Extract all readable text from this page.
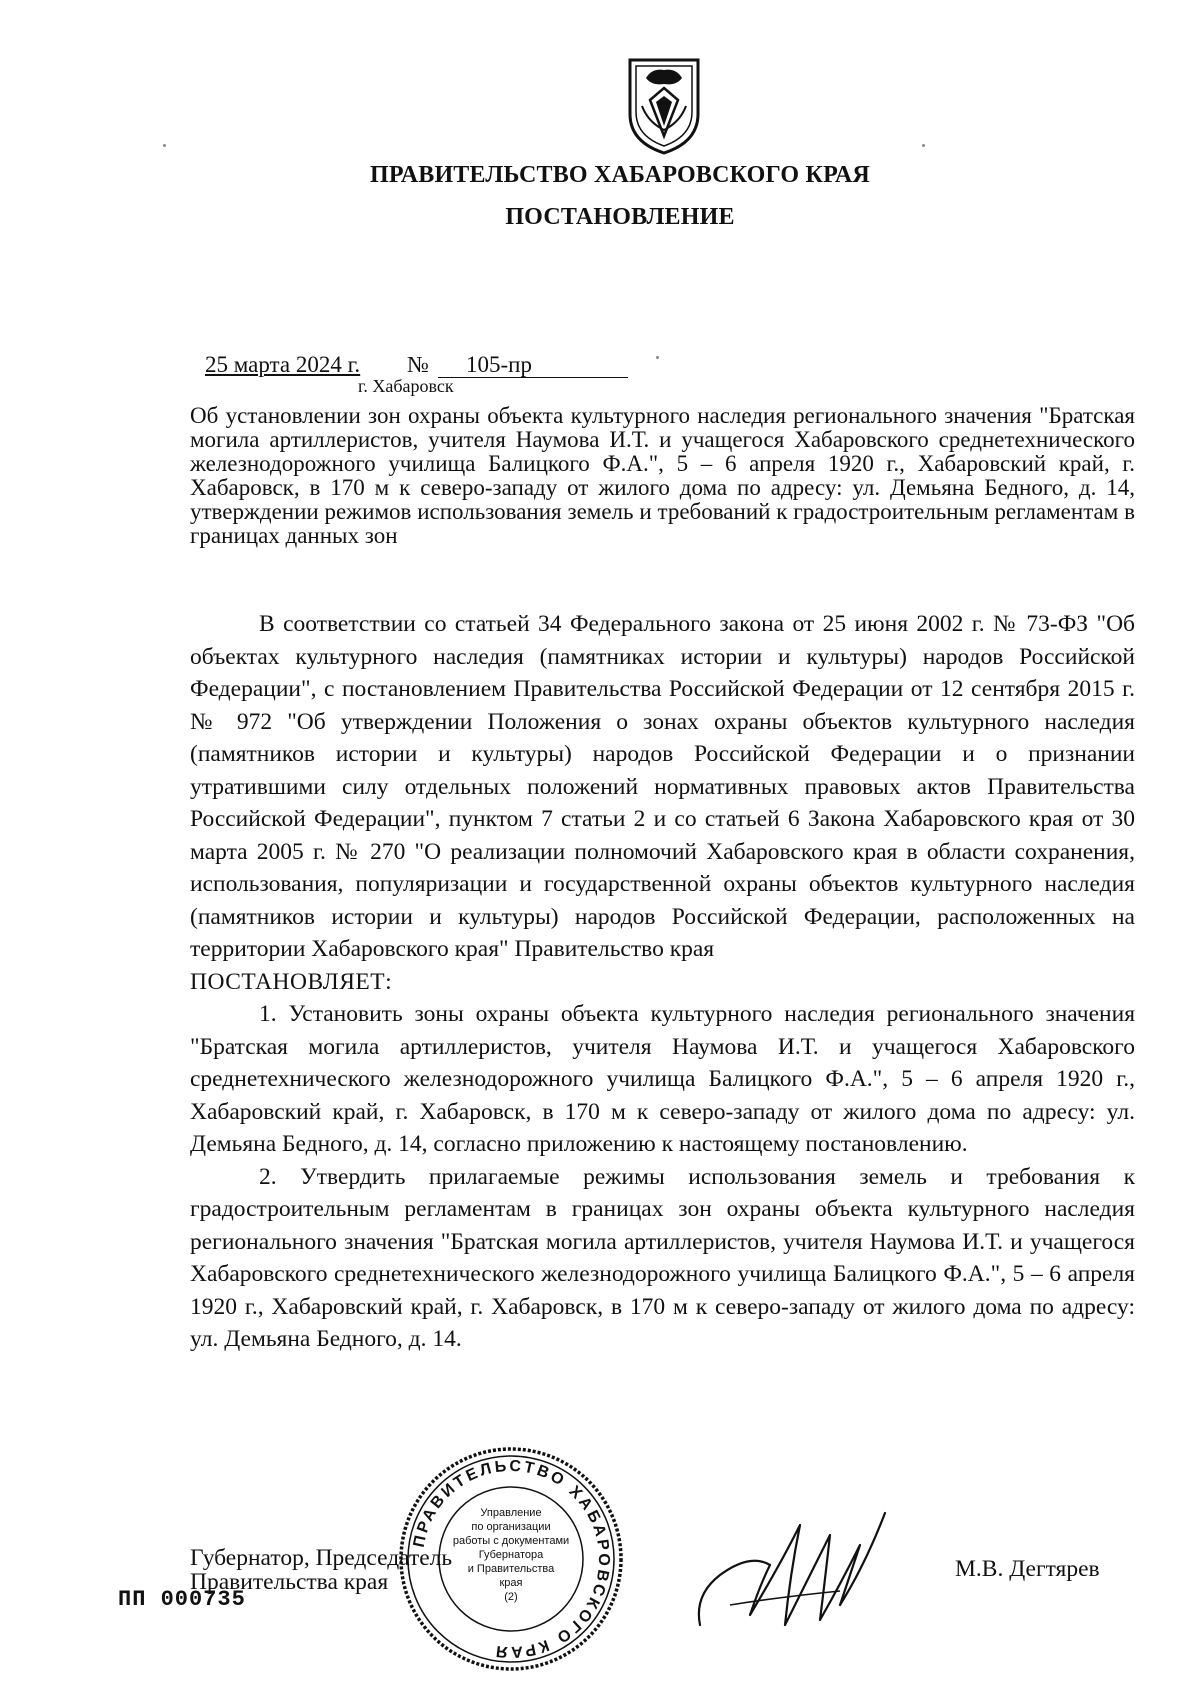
ПРАВИТЕЛЬСТВО ХАБАРОВСКОГО КРАЯ
ПОСТАНОВЛЕНИЕ
25 марта 2024 г. №	105-пр
г. Хабаровск

Об установлении зон охраны объекта культурного наследия регионального значения "Братская могила артиллеристов, учителя Наумова И.Т. и учащегося Хабаровского среднетехнического железнодорожного училища Балицкого Ф.А.", 5 – 6 апреля 1920 г., Хабаровский край, г. Хабаровск, в 170 м к северо-западу от жилого дома по адресу: ул. Демьяна Бедного, д. 14, утверждении режимов использования земель и требований к градостроительным регламентам в границах данных зон

В соответствии со статьей 34 Федерального закона от 25 июня 2002 г. № 73-ФЗ "Об объектах культурного наследия (памятниках истории и культуры) народов Российской Федерации", с постановлением Правительства Российской Федерации от 12 сентября 2015 г. № 972 "Об утверждении Положения о зонах охраны объектов культурного наследия (памятников истории и культуры) народов Российской Федерации и о признании утратившими силу отдельных положений нормативных правовых актов Правительства Российской Федерации", пунктом 7 статьи 2 и со статьей 6 Закона Хабаровского края от 30 марта 2005 г. № 270 "О реализации полномочий Хабаровского края в области сохранения, использования, популяризации и государственной охраны объектов культурного наследия (памятников истории и культуры) народов Российской Федерации, расположенных на территории Хабаровского края" Правительство края

ПОСТАНОВЛЯЕТ:

1. Установить зоны охраны объекта культурного наследия регионального значения "Братская могила артиллеристов, учителя Наумова И.Т. и учащегося Хабаровского среднетехнического железнодорожного училища Балицкого Ф.А.", 5 – 6 апреля 1920 г., Хабаровский край, г. Хабаровск, в 170 м к северо-западу от жилого дома по адресу: ул. Демьяна Бедного, д. 14, согласно приложению к настоящему постановлению.

2. Утвердить прилагаемые режимы использования земель и требования к градостроительным регламентам в границах зон охраны объекта культурного наследия регионального значения "Братская могила артиллеристов, учителя Наумова И.Т. и учащегося Хабаровского среднетехнического железнодорожного училища Балицкого Ф.А.", 5 – 6 апреля 1920 г., Хабаровский край, г. Хабаровск, в 170 м к северо-западу от жилого дома по адресу: ул. Демьяна Бедного, д. 14.

Губернатор, Председатель
Правительства края
ПРАВИТЕЛЬСТВО ХАБАРОВСКОГО КРАЯ
Управление
по организации
работы с документами
Губернатора
и Правительства
края
(2)
М.В. Дегтярев
ПП 000735
